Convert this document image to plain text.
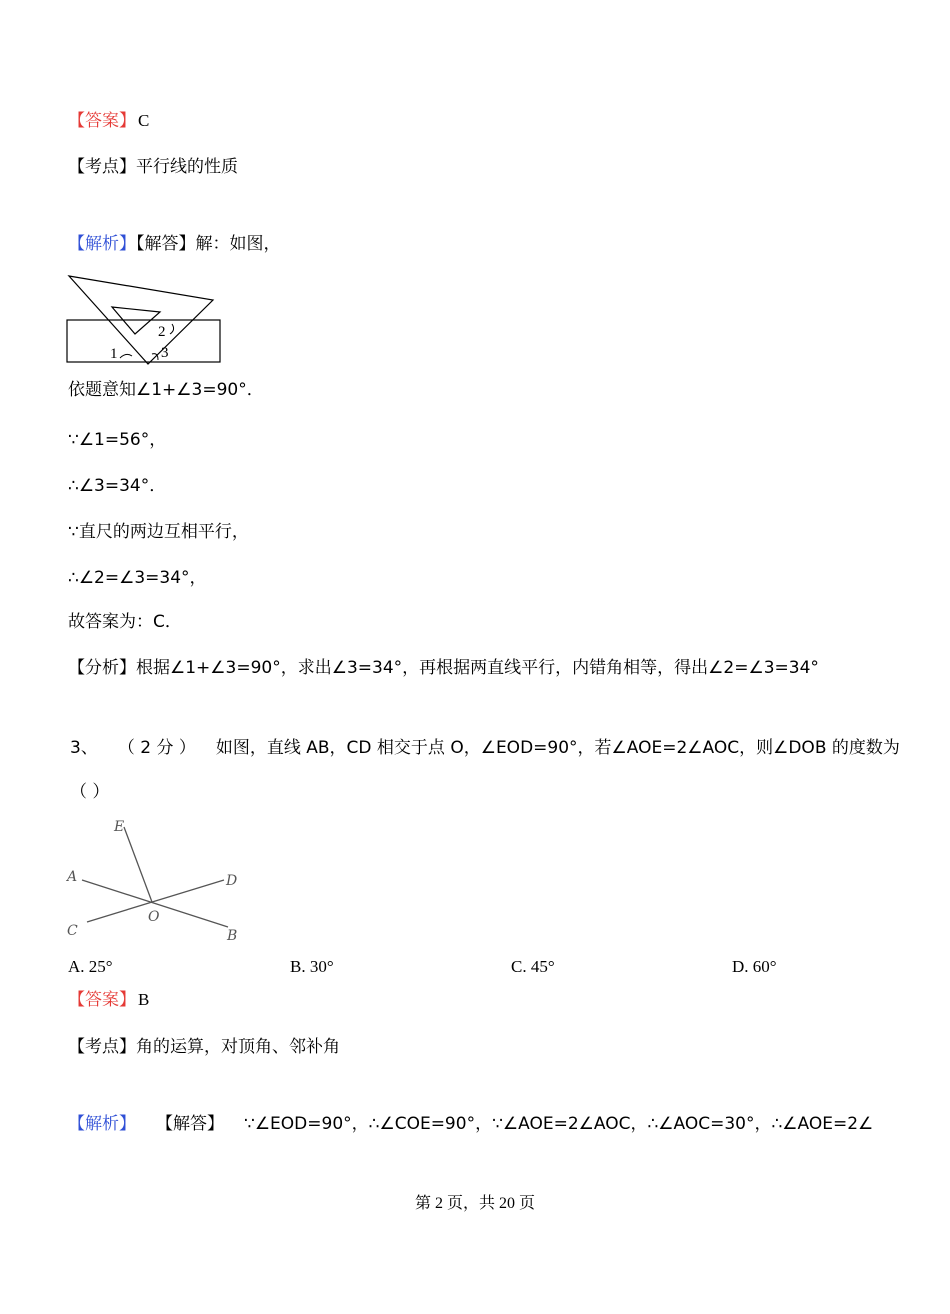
【答案】 C
【考点】平行线的性质
【解析】【解答】解：如图，
1
2
3
依题意知∠1+∠3=90°．
∵∠1=56°，
∴∠3=34°．
∵直尺的两边互相平行，
∴∠2=∠3=34°，
故答案为：C．
【分析】根据∠1+∠3=90°，求出∠3=34°，再根据两直线平行，内错角相等，得出∠2=∠3=34°
3、 （ 2 分 ） 如图，直线 AB，CD 相交于点 O，∠EOD=90°，若∠AOE=2∠AOC，则∠DOB 的度数为
（ ）
E
A	D
O
C	B
A. 25°	B. 30°	C. 45°	D. 60°
【答案】 B
【考点】角的运算，对顶角、邻补角
【解析】 【解答】 ∵∠EOD=90°，∴∠COE=90°，∵∠AOE=2∠AOC，∴∠AOC=30°，∴∠AOE=2∠
第 2 页，共 20 页
